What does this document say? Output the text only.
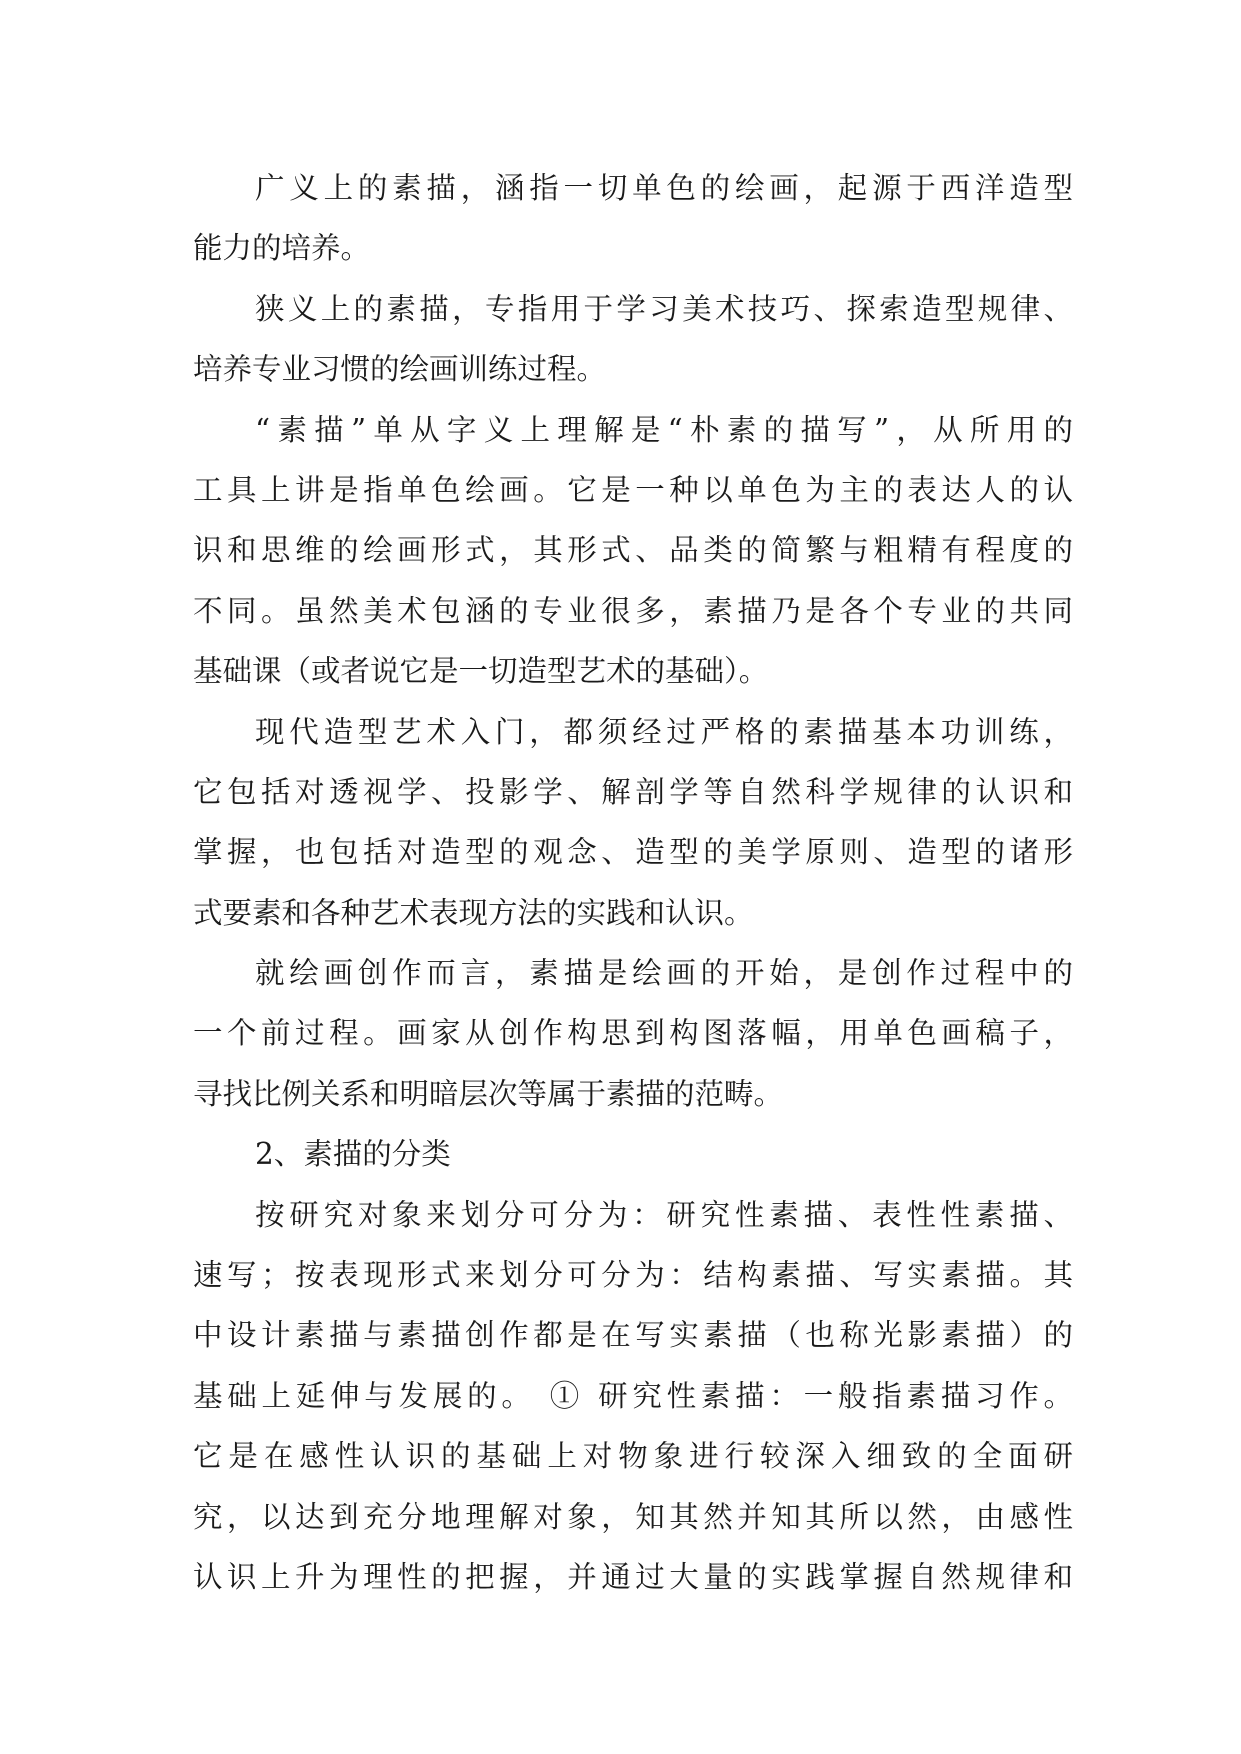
广义上的素描，涵指一切单色的绘画，起源于西洋造型
能力的培养。
狭义上的素描，专指用于学习美术技巧、探索造型规律、
培养专业习惯的绘画训练过程。
“素描”单从字义上理解是“朴素的描写”，从所用的
工具上讲是指单色绘画。它是一种以单色为主的表达人的认
识和思维的绘画形式，其形式、品类的简繁与粗精有程度的
不同。虽然美术包涵的专业很多，素描乃是各个专业的共同
基础课（或者说它是一切造型艺术的基础）。
现代造型艺术入门，都须经过严格的素描基本功训练，
它包括对透视学、投影学、解剖学等自然科学规律的认识和
掌握，也包括对造型的观念、造型的美学原则、造型的诸形
式要素和各种艺术表现方法的实践和认识。
就绘画创作而言，素描是绘画的开始，是创作过程中的
一个前过程。画家从创作构思到构图落幅，用单色画稿子，
寻找比例关系和明暗层次等属于素描的范畴。
2、素描的分类
按研究对象来划分可分为：研究性素描、表性性素描、
速写；按表现形式来划分可分为：结构素描、写实素描。其
中设计素描与素描创作都是在写实素描（也称光影素描）的
基础上延伸与发展的。 ① 研究性素描：一般指素描习作。
它是在感性认识的基础上对物象进行较深入细致的全面研
究，以达到充分地理解对象，知其然并知其所以然，由感性
认识上升为理性的把握，并通过大量的实践掌握自然规律和
